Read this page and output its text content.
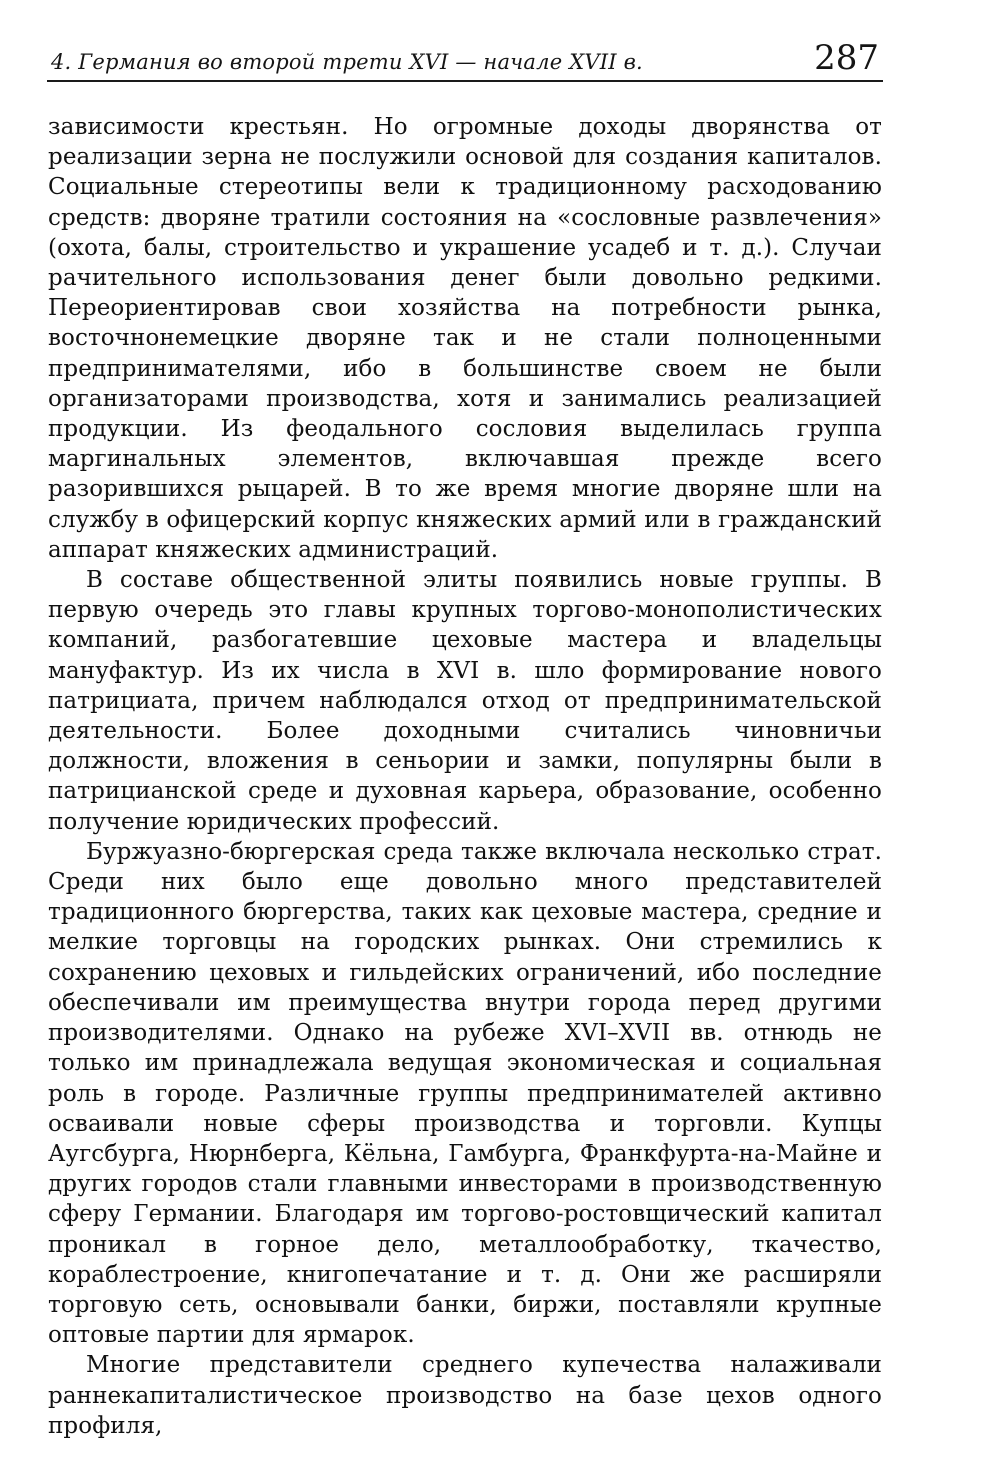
4. Германия во второй трети XVI — начале XVII в.	287

зависимости крестьян. Но огромные доходы дворянства от реализации зерна не послужили основой для создания капиталов. Социальные стереотипы вели к традиционному расходованию средств: дворяне тратили состояния на «сословные развлечения» (охота, балы, строительство и украшение усадеб и т. д.). Случаи рачительного использования денег были довольно редкими. Переориентировав свои хозяйства на потребности рынка, восточнонемецкие дворяне так и не стали полноценными предпринимателями, ибо в большинстве своем не были организаторами производства, хотя и занимались реализацией продукции. Из феодального сословия выделилась группа маргинальных элементов, включавшая прежде всего разорившихся рыцарей. В то же время многие дворяне шли на службу в офицерский корпус княжеских армий или в гражданский аппарат княжеских администраций.

В составе общественной элиты появились новые группы. В первую очередь это главы крупных торгово-монополистических компаний, разбогатевшие цеховые мастера и владельцы мануфактур. Из их числа в XVI в. шло формирование нового патрициата, причем наблюдался отход от предпринимательской деятельности. Более доходными считались чиновничьи должности, вложения в сеньории и замки, популярны были в патрицианской среде и духовная карьера, образование, особенно получение юридических профессий.

Буржуазно-бюргерская среда также включала несколько страт. Среди них было еще довольно много представителей традиционного бюргерства, таких как цеховые мастера, средние и мелкие торговцы на городских рынках. Они стремились к сохранению цеховых и гильдейских ограничений, ибо последние обеспечивали им преимущества внутри города перед другими производителями. Однако на рубеже XVI–XVII вв. отнюдь не только им принадлежала ведущая экономическая и социальная роль в городе. Различные группы предпринимателей активно осваивали новые сферы производства и торговли. Купцы Аугсбурга, Нюрнберга, Кёльна, Гамбурга, Франкфурта-на-Майне и других городов стали главными инвесторами в производственную сферу Германии. Благодаря им торгово-ростовщический капитал проникал в горное дело, металлообработку, ткачество, кораблестроение, книгопечатание и т. д. Они же расширяли торговую сеть, основывали банки, биржи, поставляли крупные оптовые партии для ярмарок.

Многие представители среднего купечества налаживали раннекапиталистическое производство на базе цехов одного профиля,
